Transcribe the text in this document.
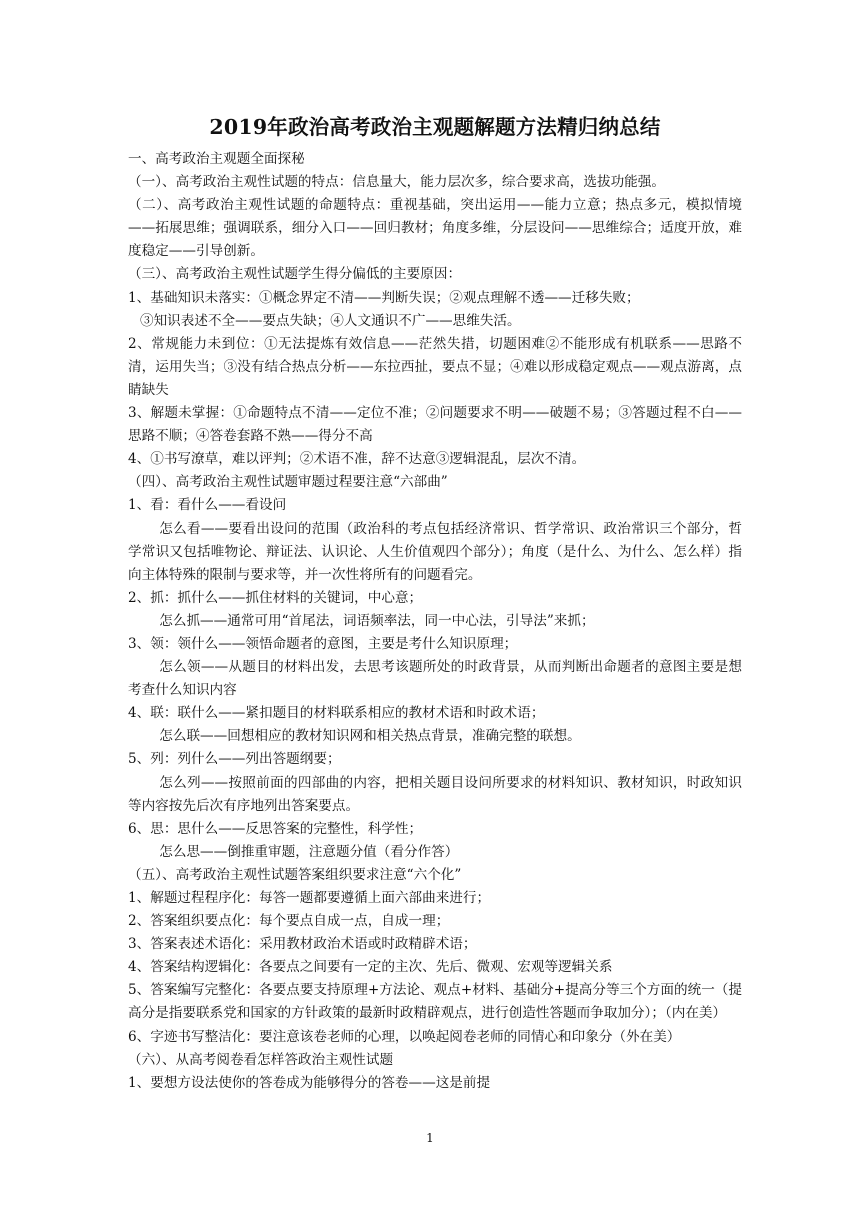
2019年政治高考政治主观题解题方法精归纳总结

一、高考政治主观题全面探秘

（一）、高考政治主观性试题的特点：信息量大，能力层次多，综合要求高，选拔功能强。

（二）、高考政治主观性试题的命题特点：重视基础，突出运用——能力立意；热点多元，模拟情境——拓展思维；强调联系，细分入口——回归教材；角度多维，分层设问——思维综合；适度开放，难度稳定——引导创新。

（三）、高考政治主观性试题学生得分偏低的主要原因：

1、基础知识未落实：①概念界定不清——判断失误；②观点理解不透——迁移失败；

③知识表述不全——要点失缺；④人文通识不广——思维失活。

2、常规能力未到位：①无法提炼有效信息——茫然失措，切题困难②不能形成有机联系——思路不清，运用失当；③没有结合热点分析——东拉西扯，要点不显；④难以形成稳定观点——观点游离，点睛缺失

3、解题未掌握：①命题特点不清——定位不准；②问题要求不明——破题不易；③答题过程不白——思路不顺；④答卷套路不熟——得分不高

4、①书写潦草，难以评判；②术语不准，辞不达意③逻辑混乱，层次不清。

（四）、高考政治主观性试题审题过程要注意“六部曲”

1、看：看什么——看设问

怎么看——要看出设问的范围（政治科的考点包括经济常识、哲学常识、政治常识三个部分，哲学常识又包括唯物论、辩证法、认识论、人生价值观四个部分）；角度（是什么、为什么、怎么样）指向主体特殊的限制与要求等，并一次性将所有的问题看完。

2、抓：抓什么——抓住材料的关键词，中心意；

怎么抓——通常可用“首尾法，词语频率法，同一中心法，引导法”来抓；

3、领：领什么——领悟命题者的意图，主要是考什么知识原理；

怎么领——从题目的材料出发，去思考该题所处的时政背景，从而判断出命题者的意图主要是想考查什么知识内容

4、联：联什么——紧扣题目的材料联系相应的教材术语和时政术语；

怎么联——回想相应的教材知识网和相关热点背景，准确完整的联想。

5、列：列什么——列出答题纲要；

怎么列——按照前面的四部曲的内容，把相关题目设问所要求的材料知识、教材知识，时政知识等内容按先后次有序地列出答案要点。

6、思：思什么——反思答案的完整性，科学性；

怎么思——倒推重审题，注意题分值（看分作答）

（五）、高考政治主观性试题答案组织要求注意“六个化”

1、解题过程程序化：每答一题都要遵循上面六部曲来进行；

2、答案组织要点化：每个要点自成一点，自成一理；

3、答案表述术语化：采用教材政治术语或时政精辟术语；

4、答案结构逻辑化：各要点之间要有一定的主次、先后、微观、宏观等逻辑关系

5、答案编写完整化：各要点要支持原理+方法论、观点+材料、基础分+提高分等三个方面的统一（提高分是指要联系党和国家的方针政策的最新时政精辟观点，进行创造性答题而争取加分）；（内在美）

6、字迹书写整洁化：要注意该卷老师的心理，以唤起阅卷老师的同情心和印象分（外在美）

（六）、从高考阅卷看怎样答政治主观性试题

1、要想方设法使你的答卷成为能够得分的答卷——这是前提

1
